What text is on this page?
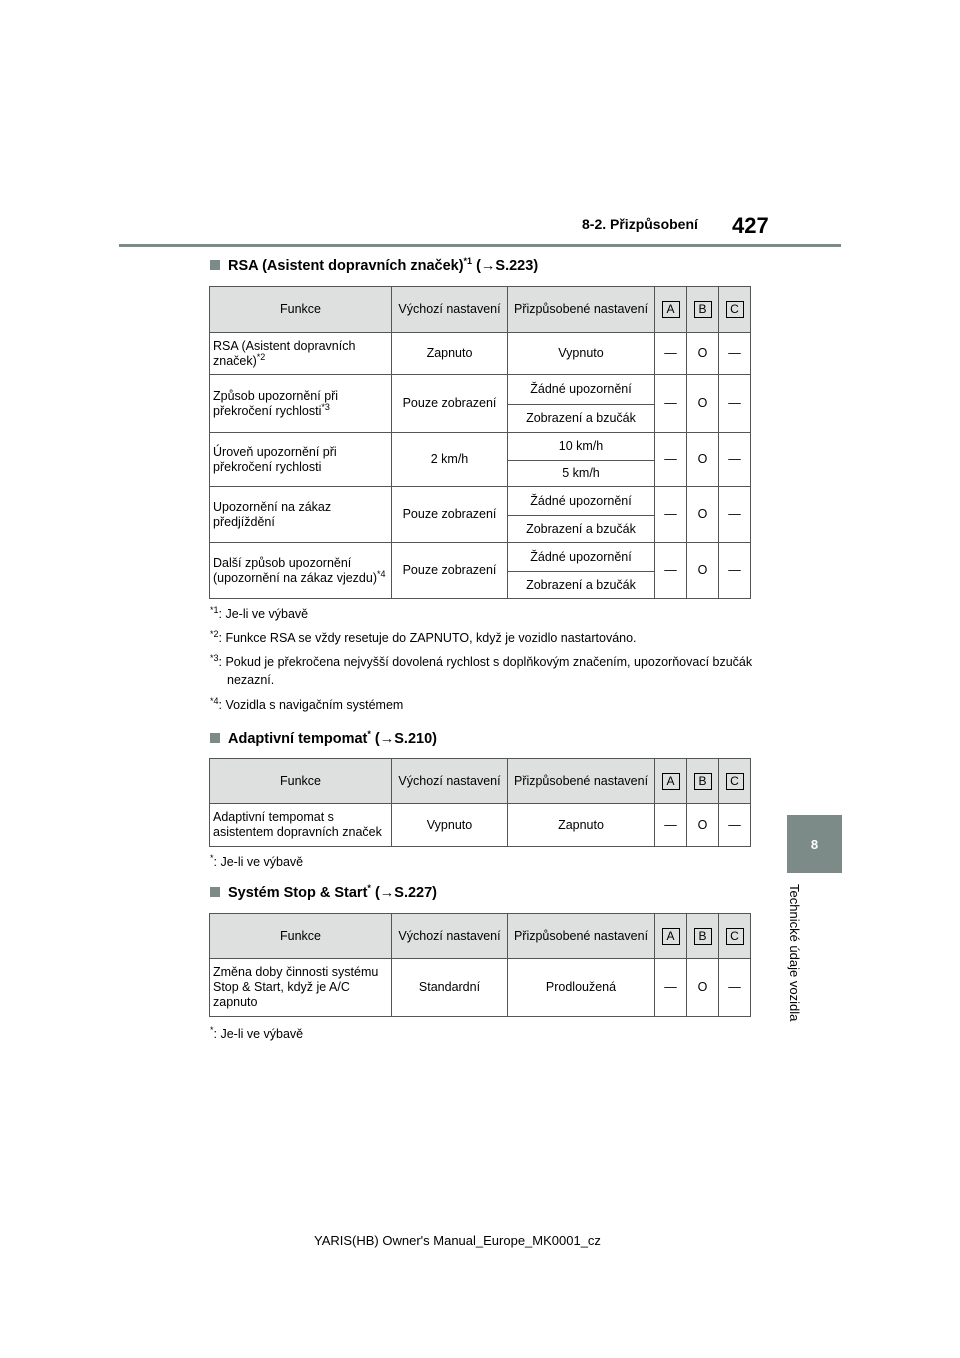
8-2. Přizpůsobení 427
8
Technické údaje vozidla
RSA (Asistent dopravních značek)$^{*1}$ (→S.223)
Funkce	Výchozí nastavení	Přizpůsobené nastavení	A	B	C
RSA (Asistent dopravních značek)$^{*2}$	Zapnuto	Vypnuto	—	O	—
Způsob upozornění při překročení rychlosti$^{*3}$	Pouze zobrazení	Žádné upozornění	—	O	—
		Zobrazení a bzučák			
Úroveň upozornění při překročení rychlosti	2 km/h	10 km/h	—	O	—
		5 km/h			
Upozornění na zákaz předjíždění	Pouze zobrazení	Žádné upozornění	—	O	—
		Zobrazení a bzučák			
Další způsob upozornění (upozornění na zákaz vjezdu)$^{*4}$	Pouze zobrazení	Žádné upozornění	—	O	—
		Zobrazení a bzučák			
$^{*1}$: Je-li ve výbavě
$^{*2}$: Funkce RSA se vždy resetuje do ZAPNUTO, když je vozidlo nastartováno.
$^{*3}$: Pokud je překročena nejvyšší dovolená rychlost s doplňkovým značením, upozorňovací bzučák nezazní.
$^{*4}$: Vozidla s navigačním systémem
Adaptivní tempomat* (→S.210)
Funkce	Výchozí nastavení	Přizpůsobené nastavení	A	B	C
Adaptivní tempomat s asistentem dopravních značek	Vypnuto	Zapnuto	—	O	—
*: Je-li ve výbavě
Systém Stop & Start* (→S.227)
Funkce	Výchozí nastavení	Přizpůsobené nastavení	A	B	C
Změna doby činnosti systému Stop & Start, když je A/C zapnuto	Standardní	Prodloužená	—	O	—
*: Je-li ve výbavě
YARIS(HB) Owner's Manual_Europe_MK0001_cz
